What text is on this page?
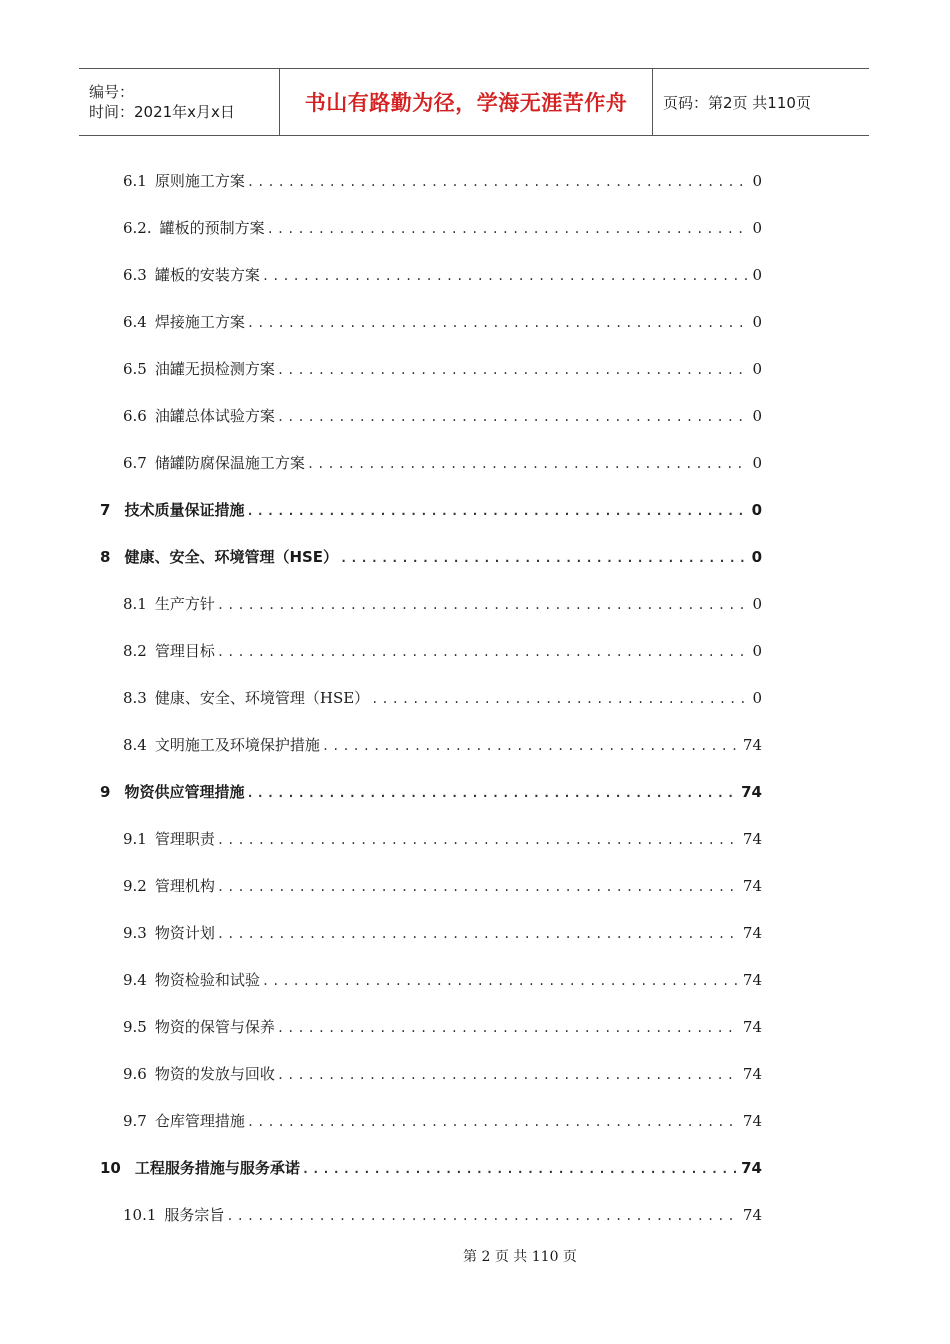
编号：
时间：2021年x月x日	书山有路勤为径，学海无涯苦作舟 页码：第2页 共110页
6.1 原则施工方案 .....	0
6.2. 罐板的预制方案 .....	0
6.3 罐板的安装方案 .....	0
6.4 焊接施工方案 .....	0
6.5 油罐无损检测方案 .....	0
6.6 油罐总体试验方案 .....	0
6.7 储罐防腐保温施工方案 .....	0
7 技术质量保证措施 .....	0
8 健康、安全、环境管理（HSE） .....	0
8.1 生产方针 .....	0
8.2 管理目标 .....	0
8.3 健康、安全、环境管理（HSE） .....	0
8.4 文明施工及环境保护措施 .....	74
9 物资供应管理措施 .....	74
9.1 管理职责 .....	74
9.2 管理机构 .....	74
9.3 物资计划 .....	74
9.4 物资检验和试验 .....	74
9.5 物资的保管与保养 .....	74
9.6 物资的发放与回收 .....	74
9.7 仓库管理措施 .....	74
10 工程服务措施与服务承诺 .....	74
10.1 服务宗旨 .....	74
第 2 页 共 110 页
